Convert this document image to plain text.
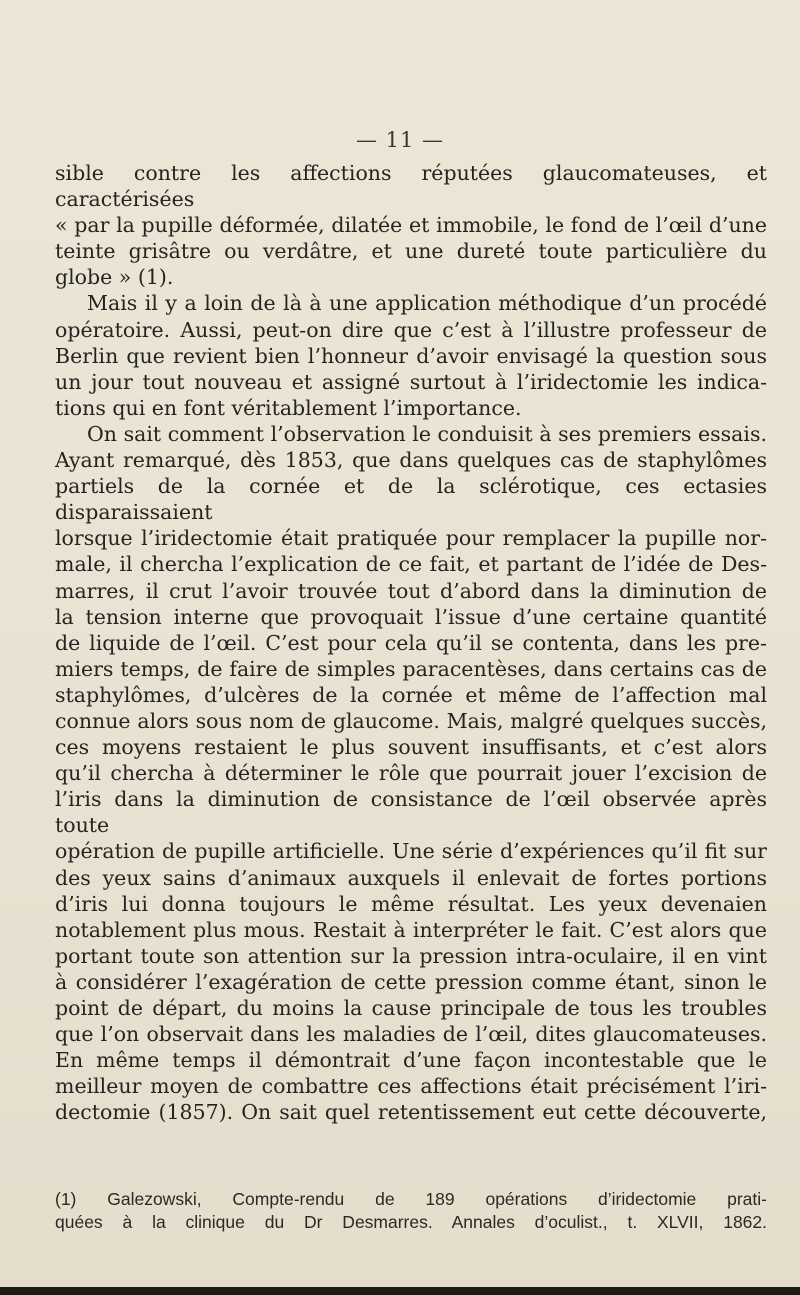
— 11 —

sible contre les affections réputées glaucomateuses, et caractérisées
« par la pupille déformée, dilatée et immobile, le fond de l’œil d’une
teinte grisâtre ou verdâtre, et une dureté toute particulière du
globe » (1).

Mais il y a loin de là à une application méthodique d’un procédé
opératoire. Aussi, peut-on dire que c’est à l’illustre professeur de
Berlin que revient bien l’honneur d’avoir envisagé la question sous
un jour tout nouveau et assigné surtout à l’iridectomie les indica-
tions qui en font véritablement l’importance.

On sait comment l’observation le conduisit à ses premiers essais.
Ayant remarqué, dès 1853, que dans quelques cas de staphylômes
partiels de la cornée et de la sclérotique, ces ectasies disparaissaient
lorsque l’iridectomie était pratiquée pour remplacer la pupille nor-
male, il chercha l’explication de ce fait, et partant de l’idée de Des-
marres, il crut l’avoir trouvée tout d’abord dans la diminution de
la tension interne que provoquait l’issue d’une certaine quantité
de liquide de l’œil. C’est pour cela qu’il se contenta, dans les pre-
miers temps, de faire de simples paracentèses, dans certains cas de
staphylômes, d’ulcères de la cornée et même de l’affection mal
connue alors sous nom de glaucome. Mais, malgré quelques succès,
ces moyens restaient le plus souvent insuffisants, et c’est alors
qu’il chercha à déterminer le rôle que pourrait jouer l’excision de
l’iris dans la diminution de consistance de l’œil observée après toute
opération de pupille artificielle. Une série d’expériences qu’il fit sur
des yeux sains d’animaux auxquels il enlevait de fortes portions
d’iris lui donna toujours le même résultat. Les yeux devenaien
notablement plus mous. Restait à interpréter le fait. C’est alors que
portant toute son attention sur la pression intra-oculaire, il en vint
à considérer l’exagération de cette pression comme étant, sinon le
point de départ, du moins la cause principale de tous les troubles
que l’on observait dans les maladies de l’œil, dites glaucomateuses.
En même temps il démontrait d’une façon incontestable que le
meilleur moyen de combattre ces affections était précisément l’iri-
dectomie (1857). On sait quel retentissement eut cette découverte,

(1) Galezowski, Compte-rendu de 189 opérations d’iridectomie prati-
quées à la clinique du Dr Desmarres. Annales d’oculist., t. XLVII, 1862.
